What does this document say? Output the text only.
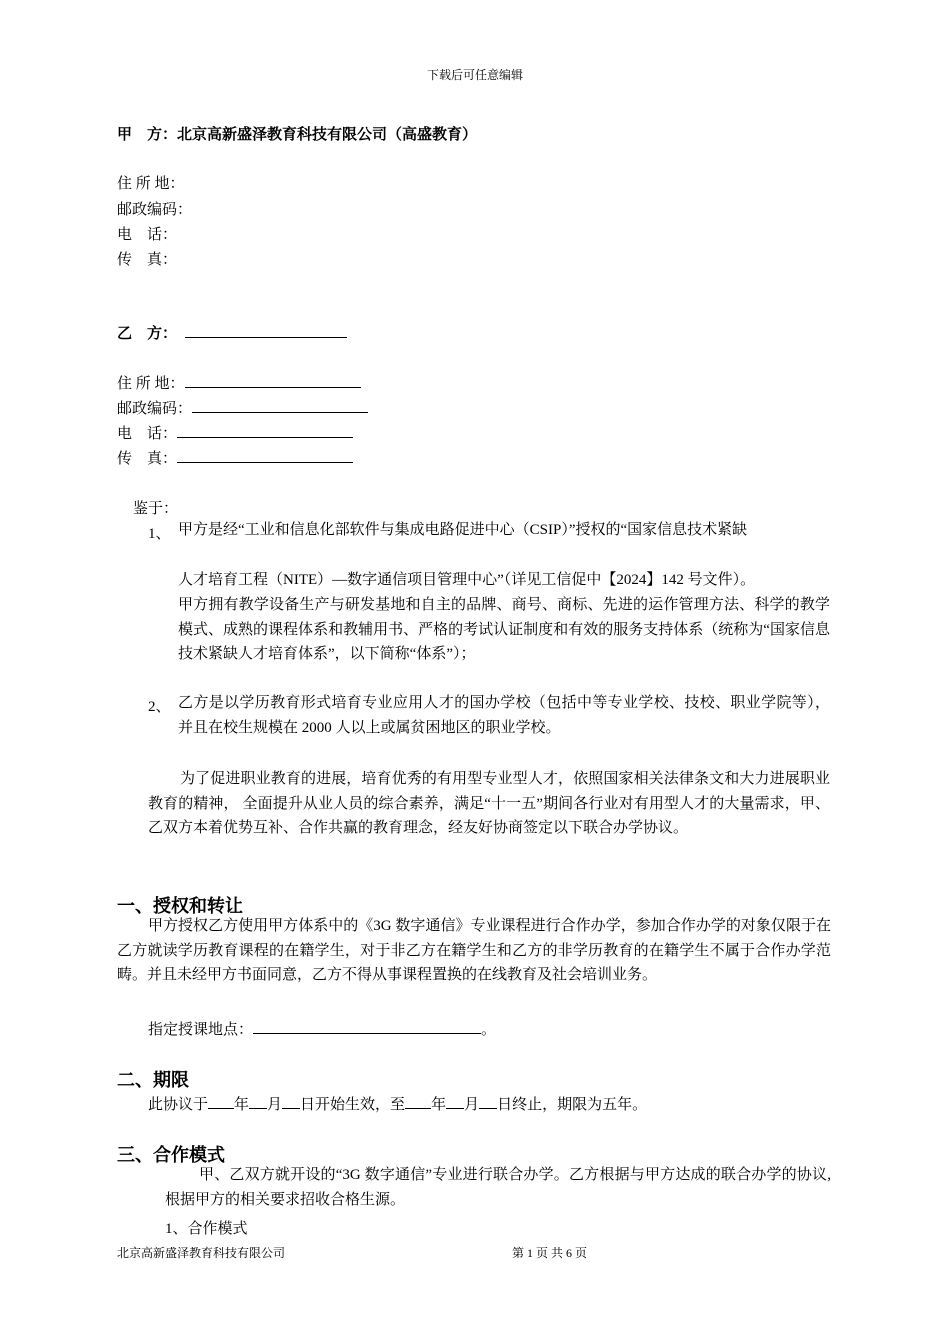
下载后可任意编辑
甲　方：北京高新盛泽教育科技有限公司（高盛教育）
住 所 地：
邮政编码：
电　话：
传　真：
乙　方：
住 所 地：
邮政编码：
电　话：
传　真：
鉴于：
1、 甲方是经“工业和信息化部软件与集成电路促进中心（CSIP）”授权的“国家信息技术紧缺
人才培育工程（NITE）—数字通信项目管理中心”（详见工信促中【2024】142 号文件）。
甲方拥有教学设备生产与研发基地和自主的品牌、商号、商标、先进的运作管理方法、科学的教学模式、成熟的课程体系和教辅用书、严格的考试认证制度和有效的服务支持体系（统称为“国家信息技术紧缺人才培育体系”，以下简称“体系”）；
2、 乙方是以学历教育形式培育专业应用人才的国办学校（包括中等专业学校、技校、职业学院等），并且在校生规模在 2000 人以上或属贫困地区的职业学校。
为了促进职业教育的进展，培育优秀的有用型专业型人才，依照国家相关法律条文和大力进展职业教育的精神， 全面提升从业人员的综合素养，满足“十一五”期间各行业对有用型人才的大量需求，甲、乙双方本着优势互补、合作共赢的教育理念，经友好协商签定以下联合办学协议。
一、授权和转让
甲方授权乙方使用甲方体系中的《3G 数字通信》专业课程进行合作办学，参加合作办学的对象仅限于在乙方就读学历教育课程的在籍学生，对于非乙方在籍学生和乙方的非学历教育的在籍学生不属于合作办学范畴。并且未经甲方书面同意，乙方不得从事课程置换的在线教育及社会培训业务。
指定授课地点：	。
二、期限
此协议于 年 月 日开始生效，至 年 月 日终止，期限为五年。
三、合作模式
甲、乙双方就开设的“3G 数字通信”专业进行联合办学。乙方根据与甲方达成的联合办学的协议,根据甲方的相关要求招收合格生源。
1、合作模式
北京高新盛泽教育科技有限公司	第 1 页 共 6 页
